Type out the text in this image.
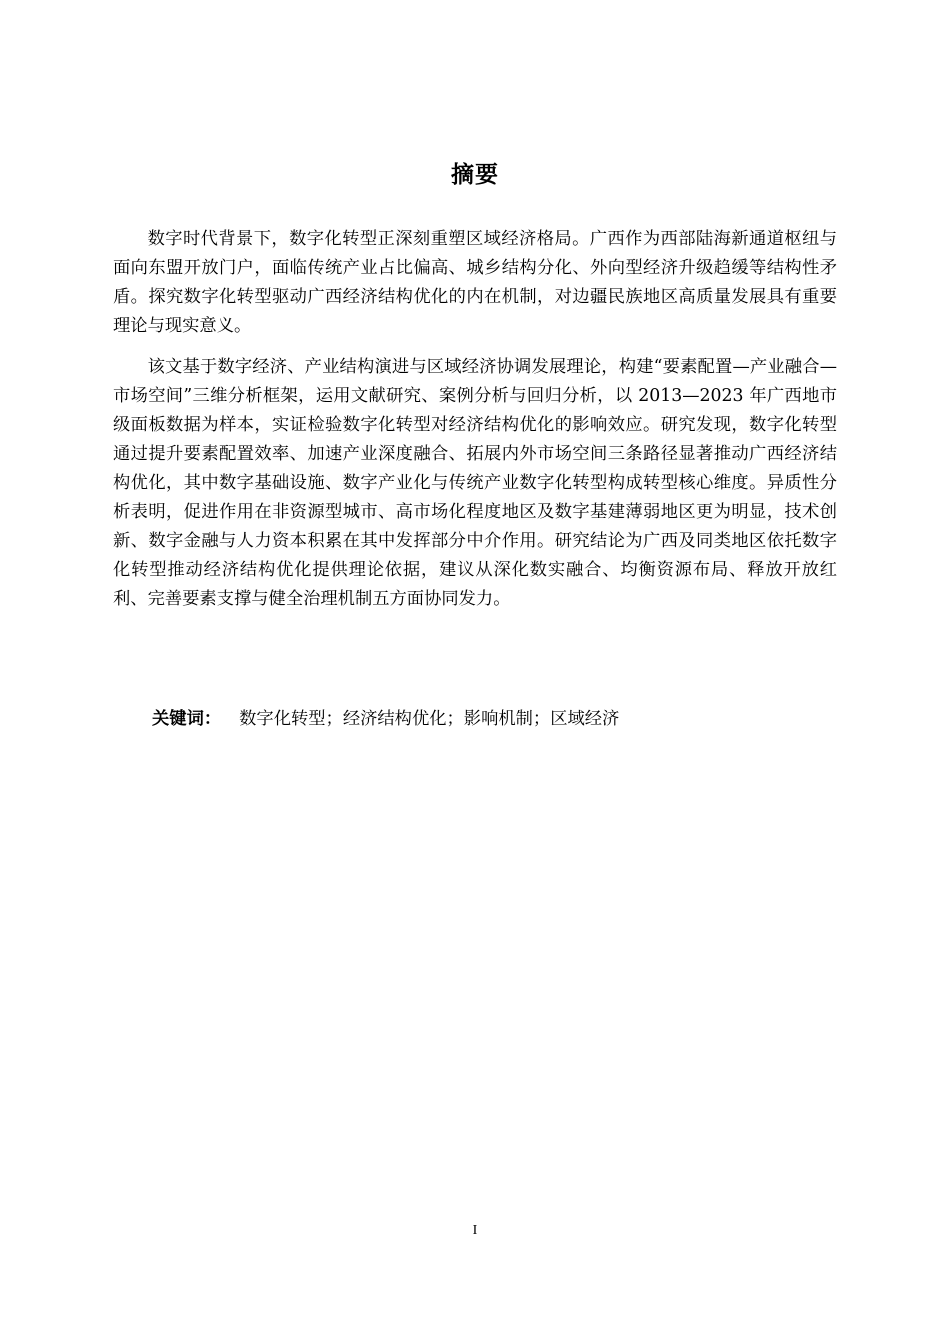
摘要

数字时代背景下，数字化转型正深刻重塑区域经济格局。广西作为西部陆海新通道枢纽与面向东盟开放门户，面临传统产业占比偏高、城乡结构分化、外向型经济升级趋缓等结构性矛盾。探究数字化转型驱动广西经济结构优化的内在机制，对边疆民族地区高质量发展具有重要理论与现实意义。

该文基于数字经济、产业结构演进与区域经济协调发展理论，构建“要素配置—产业融合—市场空间”三维分析框架，运用文献研究、案例分析与回归分析，以 2013—2023 年广西地市级面板数据为样本，实证检验数字化转型对经济结构优化的影响效应。研究发现，数字化转型通过提升要素配置效率、加速产业深度融合、拓展内外市场空间三条路径显著推动广西经济结构优化，其中数字基础设施、数字产业化与传统产业数字化转型构成转型核心维度。异质性分析表明，促进作用在非资源型城市、高市场化程度地区及数字基建薄弱地区更为明显，技术创新、数字金融与人力资本积累在其中发挥部分中介作用。研究结论为广西及同类地区依托数字化转型推动经济结构优化提供理论依据，建议从深化数实融合、均衡资源布局、释放开放红利、完善要素支撑与健全治理机制五方面协同发力。

关键词： 数字化转型；经济结构优化；影响机制；区域经济
I
